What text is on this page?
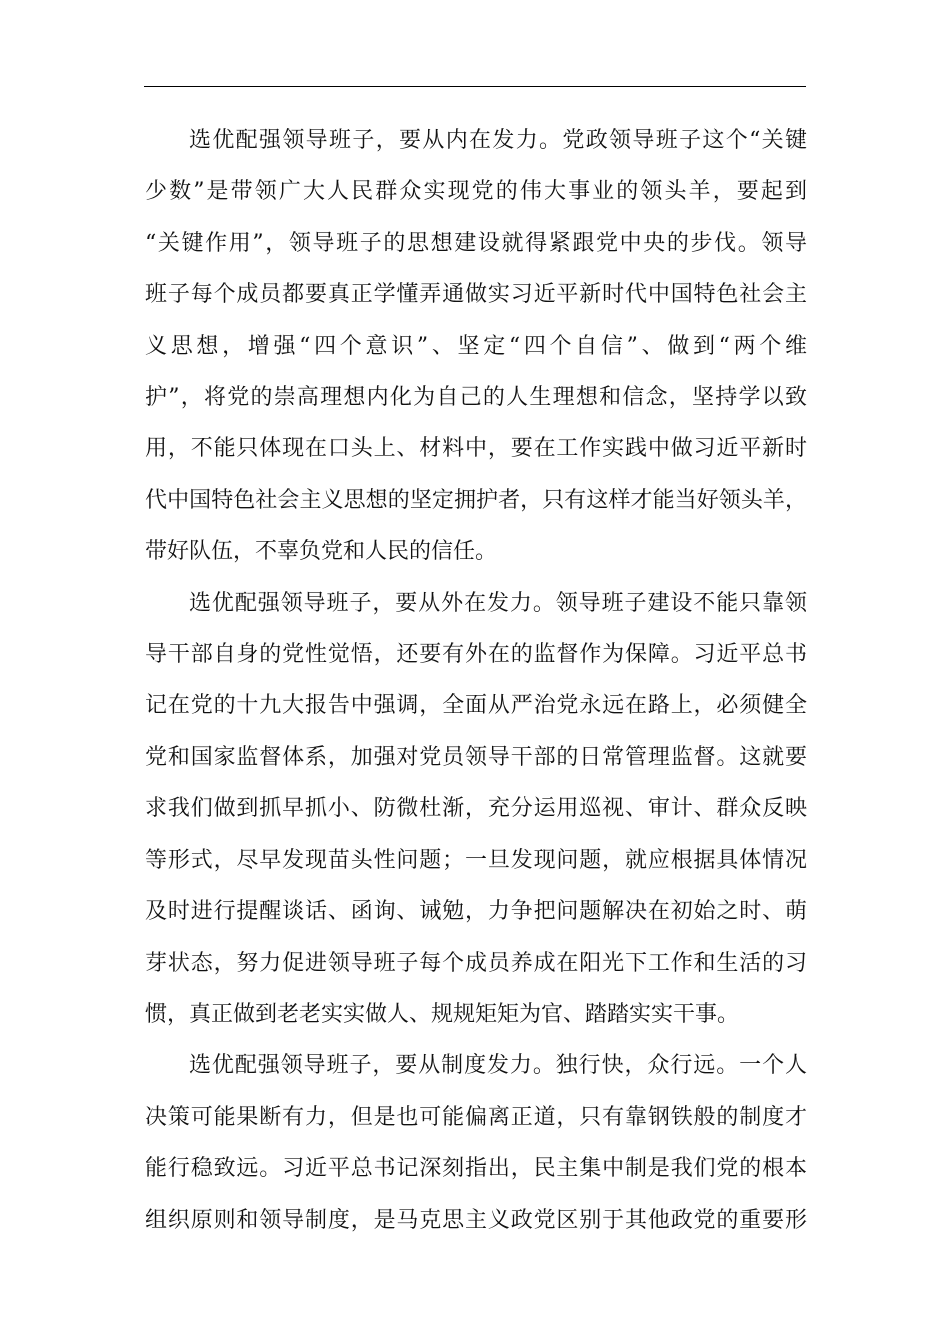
选优配强领导班子，要从内在发力。党政领导班子这个“关键
少数”是带领广大人民群众实现党的伟大事业的领头羊，要起到
“关键作用”，领导班子的思想建设就得紧跟党中央的步伐。领导
班子每个成员都要真正学懂弄通做实习近平新时代中国特色社会主
义思想，增强“四个意识”、坚定“四个自信”、做到“两个维
护”，将党的崇高理想内化为自己的人生理想和信念，坚持学以致
用，不能只体现在口头上、材料中，要在工作实践中做习近平新时
代中国特色社会主义思想的坚定拥护者，只有这样才能当好领头羊，
带好队伍，不辜负党和人民的信任。
选优配强领导班子，要从外在发力。领导班子建设不能只靠领
导干部自身的党性觉悟，还要有外在的监督作为保障。习近平总书
记在党的十九大报告中强调，全面从严治党永远在路上，必须健全
党和国家监督体系，加强对党员领导干部的日常管理监督。这就要
求我们做到抓早抓小、防微杜渐，充分运用巡视、审计、群众反映
等形式，尽早发现苗头性问题；一旦发现问题，就应根据具体情况
及时进行提醒谈话、函询、诫勉，力争把问题解决在初始之时、萌
芽状态，努力促进领导班子每个成员养成在阳光下工作和生活的习
惯，真正做到老老实实做人、规规矩矩为官、踏踏实实干事。
选优配强领导班子，要从制度发力。独行快，众行远。一个人
决策可能果断有力，但是也可能偏离正道，只有靠钢铁般的制度才
能行稳致远。习近平总书记深刻指出，民主集中制是我们党的根本
组织原则和领导制度，是马克思主义政党区别于其他政党的重要形
